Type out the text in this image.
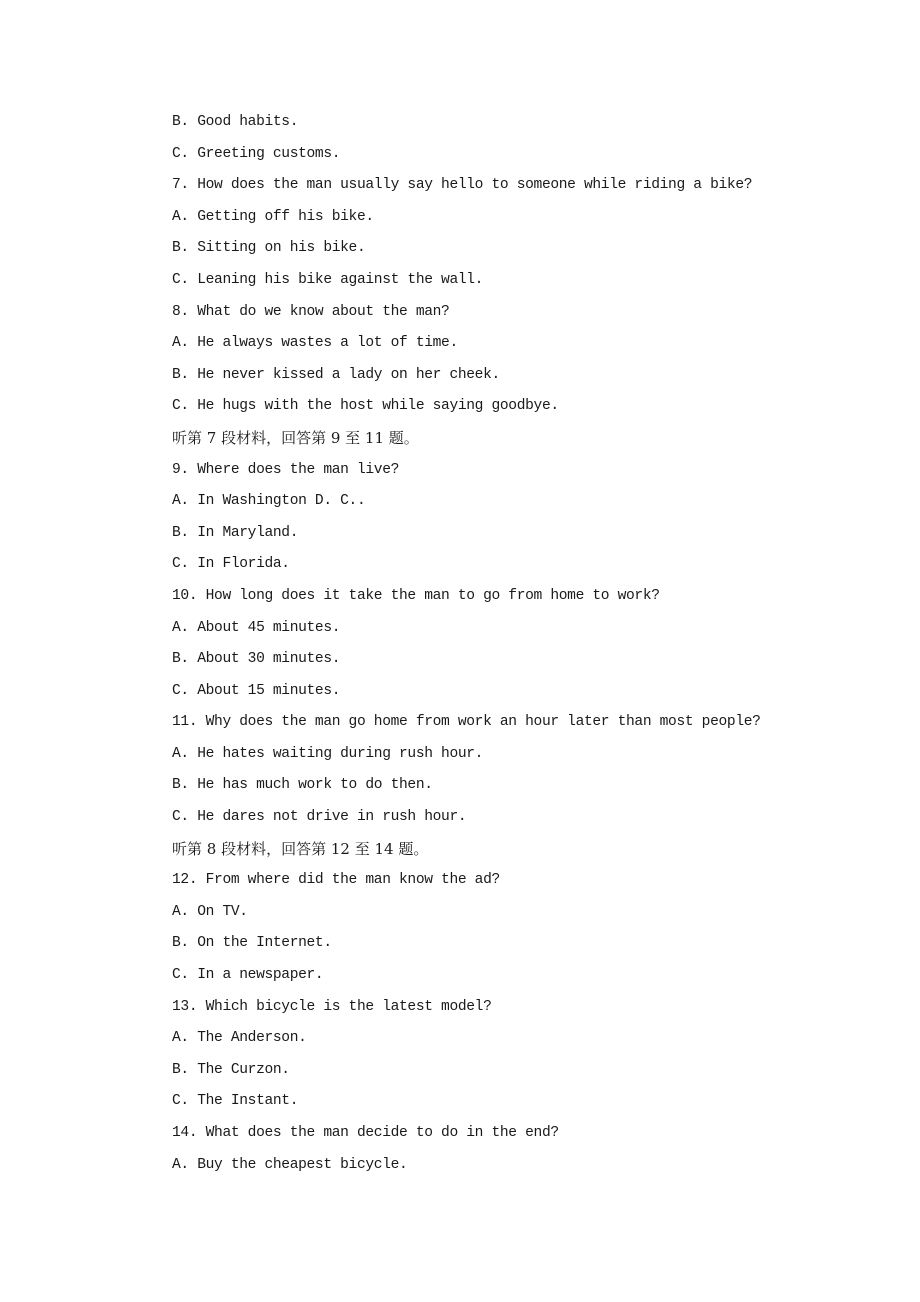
B. Good habits.
C. Greeting customs.
7. How does the man usually say hello to someone while riding a bike?
A. Getting off his bike.
B. Sitting on his bike.
C. Leaning his bike against the wall.
8. What do we know about the man?
A. He always wastes a lot of time.
B. He never kissed a lady on her cheek.
C. He hugs with the host while saying goodbye.
听第 7 段材料，回答第 9 至 11 题。
9. Where does the man live?
A. In Washington D. C..
B. In Maryland.
C. In Florida.
10. How long does it take the man to go from home to work?
A. About 45 minutes.
B. About 30 minutes.
C. About 15 minutes.
11. Why does the man go home from work an hour later than most people?
A. He hates waiting during rush hour.
B. He has much work to do then.
C. He dares not drive in rush hour.
听第 8 段材料，回答第 12 至 14 题。
12. From where did the man know the ad?
A. On TV.
B. On the Internet.
C. In a newspaper.
13. Which bicycle is the latest model?
A. The Anderson.
B. The Curzon.
C. The Instant.
14. What does the man decide to do in the end?
A. Buy the cheapest bicycle.
